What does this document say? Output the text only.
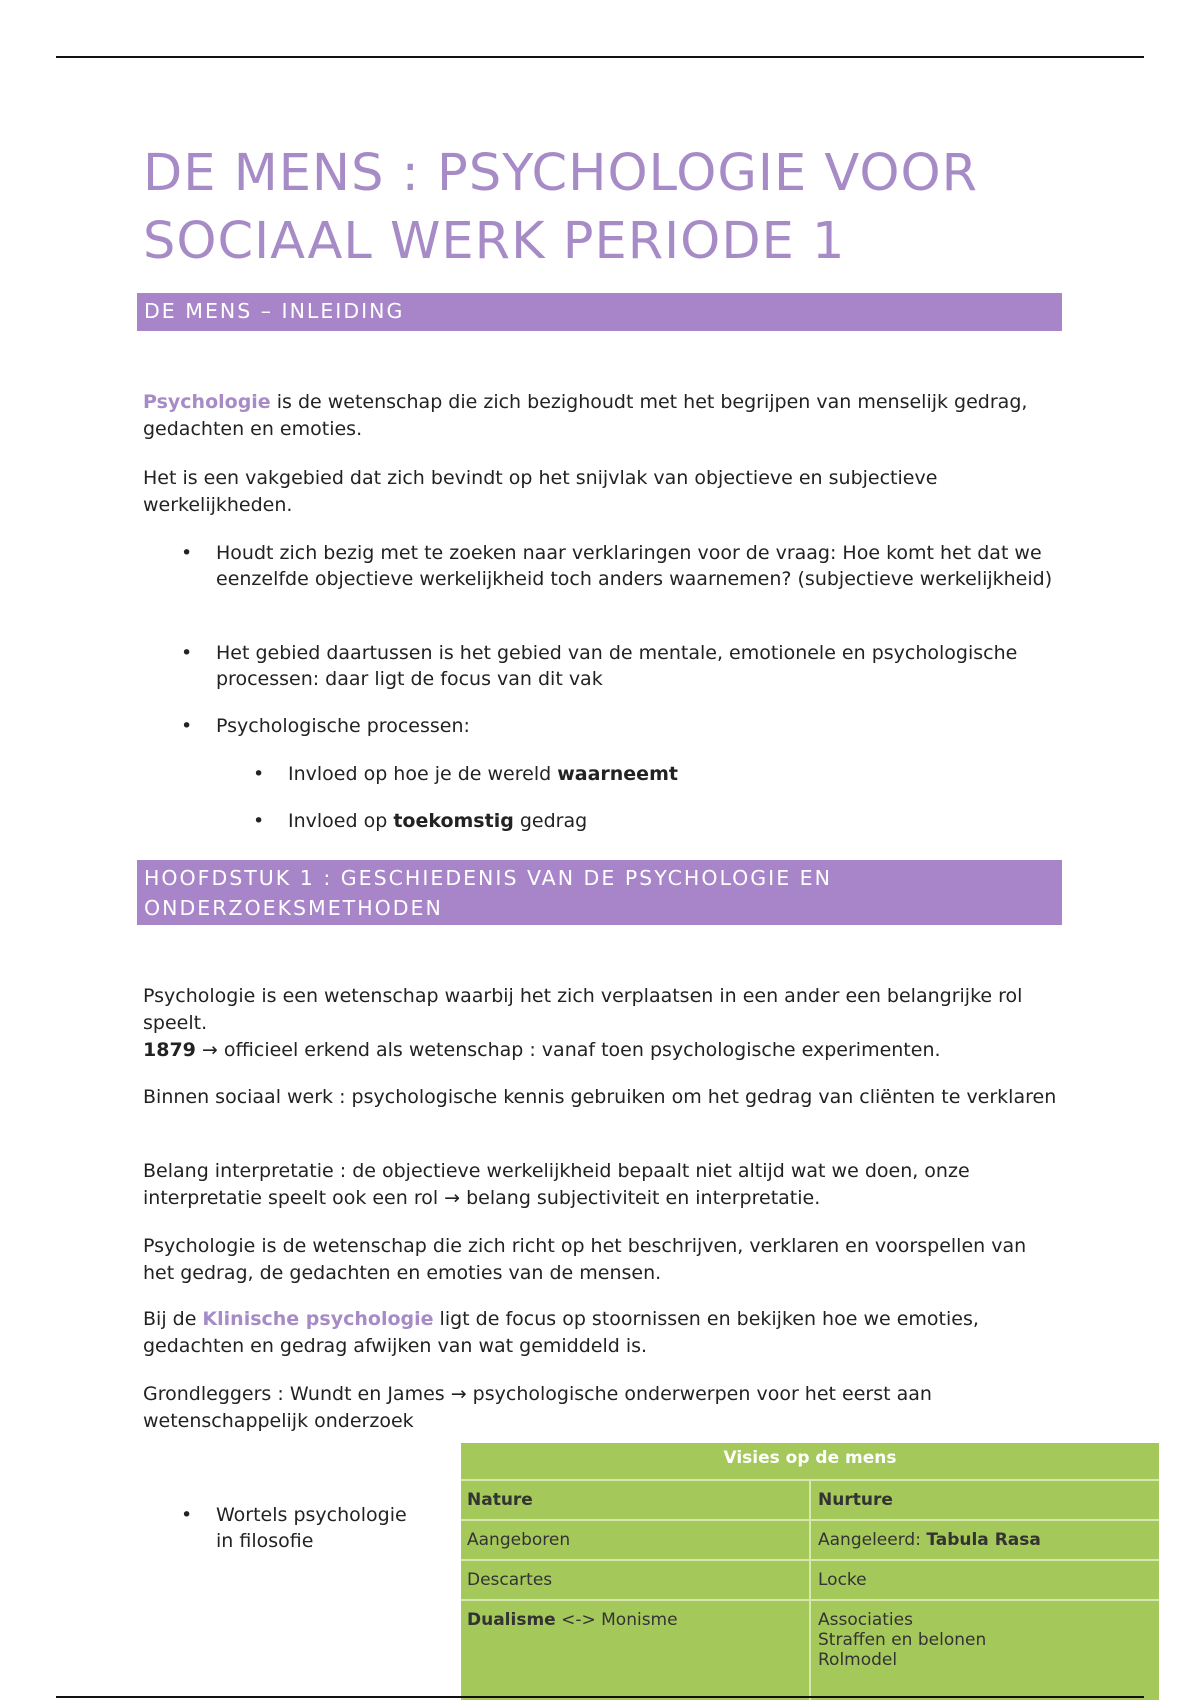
DE MENS : PSYCHOLOGIE VOOR SOCIAAL WERK PERIODE 1
DE MENS – INLEIDING
Psychologie is de wetenschap die zich bezighoudt met het begrijpen van menselijk gedrag, gedachten en emoties.
Het is een vakgebied dat zich bevindt op het snijvlak van objectieve en subjectieve werkelijkheden.
• Houdt zich bezig met te zoeken naar verklaringen voor de vraag: Hoe komt het dat we eenzelfde objectieve werkelijkheid toch anders waarnemen? (subjectieve werkelijkheid)
• Het gebied daartussen is het gebied van de mentale, emotionele en psychologische processen: daar ligt de focus van dit vak
• Psychologische processen:
• Invloed op hoe je de wereld waarneemt
• Invloed op toekomstig gedrag
HOOFDSTUK 1 : GESCHIEDENIS VAN DE PSYCHOLOGIE EN ONDERZOEKSMETHODEN
Psychologie is een wetenschap waarbij het zich verplaatsen in een ander een belangrijke rol speelt.
1879 → officieel erkend als wetenschap : vanaf toen psychologische experimenten.
Binnen sociaal werk : psychologische kennis gebruiken om het gedrag van cliënten te verklaren
Belang interpretatie : de objectieve werkelijkheid bepaalt niet altijd wat we doen, onze interpretatie speelt ook een rol → belang subjectiviteit en interpretatie.
Psychologie is de wetenschap die zich richt op het beschrijven, verklaren en voorspellen van het gedrag, de gedachten en emoties van de mensen.
Bij de Klinische psychologie ligt de focus op stoornissen en bekijken hoe we emoties, gedachten en gedrag afwijken van wat gemiddeld is.
Grondleggers : Wundt en James → psychologische onderwerpen voor het eerst aan wetenschappelijk onderzoek
• Wortels psychologie in filosofie
Visies op de mens
Nature	Nurture
Aangeboren	Aangeleerd: Tabula Rasa
Descartes	Locke
Dualisme <-> Monisme	Associaties
Straffen en belonen
Rolmodel
